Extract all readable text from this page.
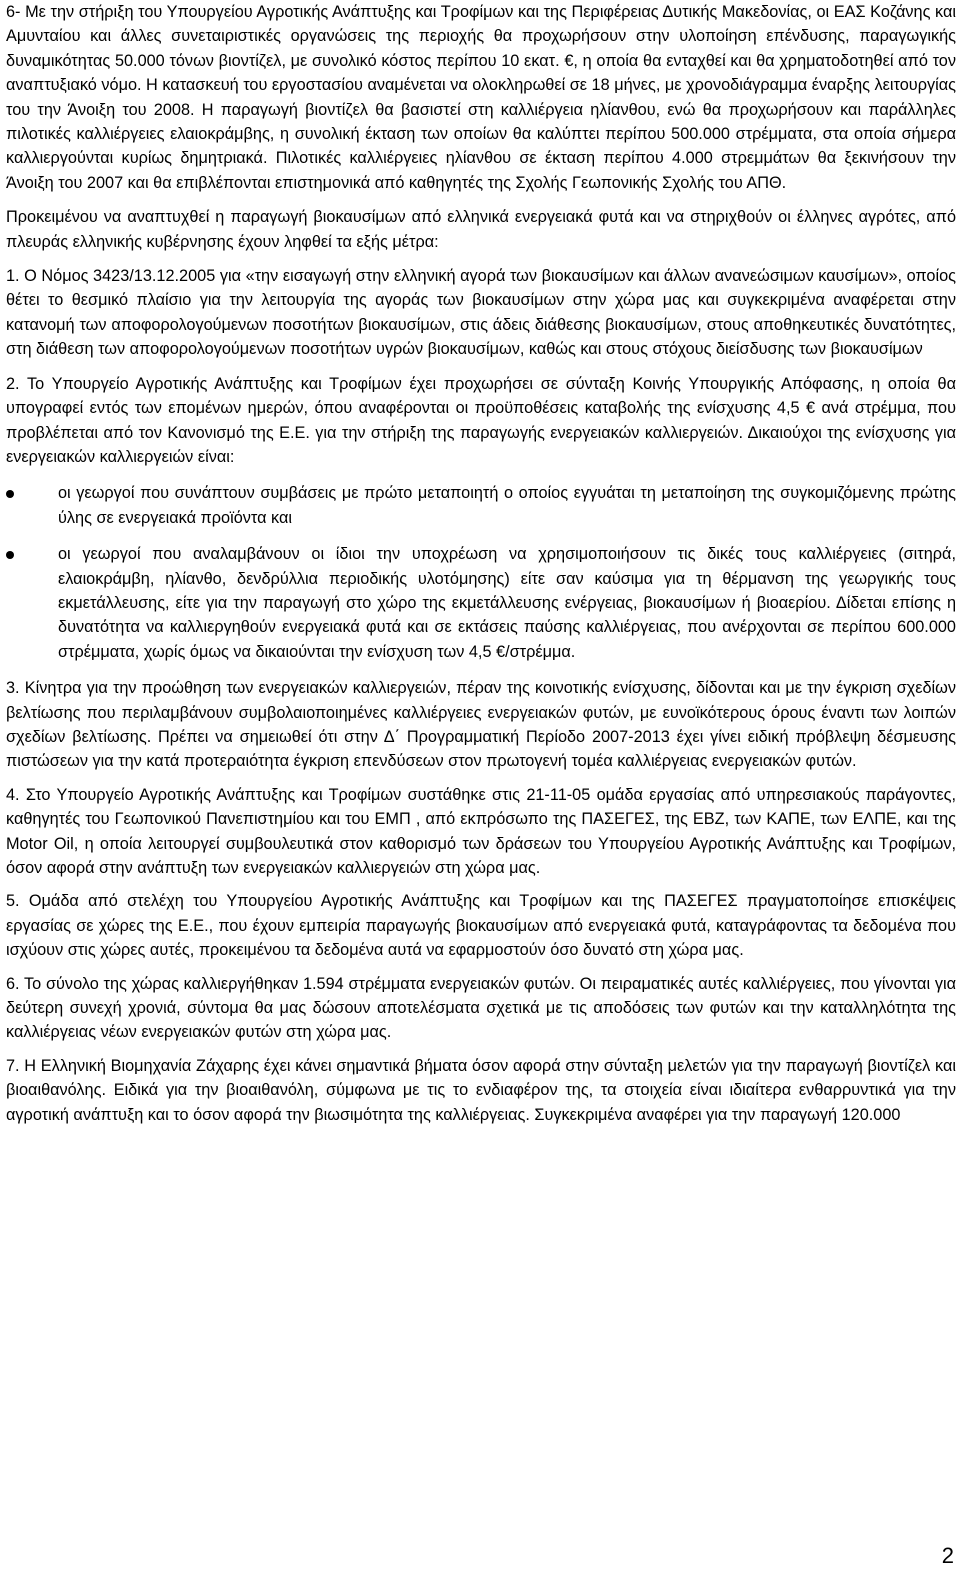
6- Με την στήριξη του Υπουργείου Αγροτικής Ανάπτυξης και Τροφίμων και της Περιφέρειας Δυτικής Μακεδονίας, οι ΕΑΣ Κοζάνης και Αμυνταίου και άλλες συνεταιριστικές οργανώσεις της περιοχής θα προχωρήσουν στην υλοποίηση επένδυσης, παραγωγικής δυναμικότητας 50.000 τόνων βιοντίζελ, με συνολικό κόστος περίπου 10 εκατ. €, η οποία θα ενταχθεί και θα χρηματοδοτηθεί από τον αναπτυξιακό νόμο. Η κατασκευή του εργοστασίου αναμένεται να ολοκληρωθεί σε 18 μήνες, με χρονοδιάγραμμα έναρξης λειτουργίας του την Άνοιξη του 2008. Η παραγωγή βιοντίζελ θα βασιστεί στη καλλιέργεια ηλίανθου, ενώ θα προχωρήσουν και παράλληλες πιλοτικές καλλιέργειες ελαιοκράμβης, η συνολική έκταση των οποίων θα καλύπτει περίπου 500.000 στρέμματα, στα οποία σήμερα καλλιεργούνται κυρίως δημητριακά. Πιλοτικές καλλιέργειες ηλίανθου σε έκταση περίπου 4.000 στρεμμάτων θα ξεκινήσουν την Άνοιξη του 2007 και θα επιβλέπονται επιστημονικά από καθηγητές της Σχολής Γεωπονικής Σχολής του ΑΠΘ.

Προκειμένου να αναπτυχθεί η παραγωγή βιοκαυσίμων από ελληνικά ενεργειακά φυτά και να στηριχθούν οι έλληνες αγρότες, από πλευράς ελληνικής κυβέρνησης έχουν ληφθεί τα εξής μέτρα:

1. Ο Νόμος 3423/13.12.2005 για «την εισαγωγή στην ελληνική αγορά των βιοκαυσίμων και άλλων ανανεώσιμων καυσίμων», οποίος θέτει το θεσμικό πλαίσιο για την λειτουργία της αγοράς των βιοκαυσίμων στην χώρα μας και συγκεκριμένα αναφέρεται στην κατανομή των αποφορολογούμενων ποσοτήτων βιοκαυσίμων, στις άδεις διάθεσης βιοκαυσίμων, στους αποθηκευτικές δυνατότητες, στη διάθεση των αποφορολογούμενων ποσοτήτων υγρών βιοκαυσίμων, καθώς και στους στόχους διείσδυσης των βιοκαυσίμων

2. Το Υπουργείο Αγροτικής Ανάπτυξης και Τροφίμων έχει προχωρήσει σε σύνταξη Κοινής Υπουργικής Απόφασης, η οποία θα υπογραφεί εντός των επομένων ημερών, όπου αναφέρονται οι προϋποθέσεις καταβολής της ενίσχυσης 4,5 € ανά στρέμμα, που προβλέπεται από τον Κανονισμό της Ε.Ε. για την στήριξη της παραγωγής ενεργειακών καλλιεργειών. Δικαιούχοι της ενίσχυσης για ενεργειακών καλλιεργειών είναι:

οι γεωργοί που συνάπτουν συμβάσεις με πρώτο μεταποιητή ο οποίος εγγυάται τη μεταποίηση της συγκομιζόμενης πρώτης ύλης σε ενεργειακά προϊόντα και
οι γεωργοί που αναλαμβάνουν οι ίδιοι την υποχρέωση να χρησιμοποιήσουν τις δικές τους καλλιέργειες (σιτηρά, ελαιοκράμβη, ηλίανθο, δενδρύλλια περιοδικής υλοτόμησης) είτε σαν καύσιμα για τη θέρμανση της γεωργικής τους εκμετάλλευσης, είτε για την παραγωγή στο χώρο της εκμετάλλευσης ενέργειας, βιοκαυσίμων ή βιοαερίου. Δίδεται επίσης η δυνατότητα να καλλιεργηθούν ενεργειακά φυτά και σε εκτάσεις παύσης καλλιέργειας, που ανέρχονται σε περίπου 600.000 στρέμματα, χωρίς όμως να δικαιούνται την ενίσχυση των 4,5 €/στρέμμα.

3. Κίνητρα για την προώθηση των ενεργειακών καλλιεργειών, πέραν της κοινοτικής ενίσχυσης, δίδονται και με την έγκριση σχεδίων βελτίωσης που περιλαμβάνουν συμβολαιοποιημένες καλλιέργειες ενεργειακών φυτών, με ευνοϊκότερους όρους έναντι των λοιπών σχεδίων βελτίωσης. Πρέπει να σημειωθεί ότι στην Δ΄ Προγραμματική Περίοδο 2007-2013 έχει γίνει ειδική πρόβλεψη δέσμευσης πιστώσεων για την κατά προτεραιότητα έγκριση επενδύσεων στον πρωτογενή τομέα καλλιέργειας ενεργειακών φυτών.

4. Στο Υπουργείο Αγροτικής Ανάπτυξης και Τροφίμων συστάθηκε στις 21-11-05 ομάδα εργασίας από υπηρεσιακούς παράγοντες, καθηγητές του Γεωπονικού Πανεπιστημίου και του ΕΜΠ , από εκπρόσωπο της ΠΑΣΕΓΕΣ, της ΕΒΖ, των ΚΑΠΕ, των ΕΛΠΕ, και της Motor Oil, η οποία λειτουργεί συμβουλευτικά στον καθορισμό των δράσεων του Υπουργείου Αγροτικής Ανάπτυξης και Τροφίμων, όσον αφορά στην ανάπτυξη των ενεργειακών καλλιεργειών στη χώρα μας.

5. Ομάδα από στελέχη του Υπουργείου Αγροτικής Ανάπτυξης και Τροφίμων και της ΠΑΣΕΓΕΣ πραγματοποίησε επισκέψεις εργασίας σε χώρες της Ε.Ε., που έχουν εμπειρία παραγωγής βιοκαυσίμων από ενεργειακά φυτά, καταγράφοντας τα δεδομένα που ισχύουν στις χώρες αυτές, προκειμένου τα δεδομένα αυτά να εφαρμοστούν όσο δυνατό στη χώρα μας.

6. Το σύνολο της χώρας καλλιεργήθηκαν 1.594 στρέμματα ενεργειακών φυτών. Οι πειραματικές αυτές καλλιέργειες, που γίνονται για δεύτερη συνεχή χρονιά, σύντομα θα μας δώσουν αποτελέσματα σχετικά με τις αποδόσεις των φυτών και την καταλληλότητα της καλλιέργειας νέων ενεργειακών φυτών στη χώρα μας.

7. Η Ελληνική Βιομηχανία Ζάχαρης έχει κάνει σημαντικά βήματα όσον αφορά στην σύνταξη μελετών για την παραγωγή βιοντίζελ και βιοαιθανόλης. Ειδικά για την βιοαιθανόλη, σύμφωνα με τις το ενδιαφέρον της, τα στοιχεία είναι ιδιαίτερα ενθαρρυντικά για την αγροτική ανάπτυξη και το όσον αφορά την βιωσιμότητα της καλλιέργειας. Συγκεκριμένα αναφέρει για την παραγωγή 120.000

2
